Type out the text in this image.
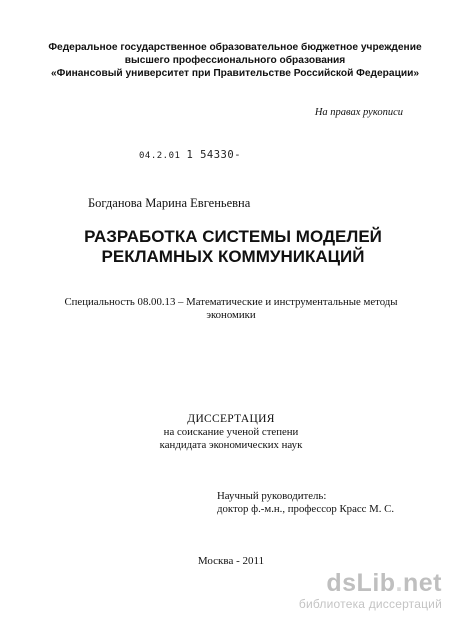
Федеральное государственное образовательное бюджетное учреждение
высшего профессионального образования
«Финансовый университет при Правительстве Российской Федерации»
На правах рукописи
04.2.01 1 54330-
Богданова Марина Евгеньевна
РАЗРАБОТКА СИСТЕМЫ МОДЕЛЕЙ
РЕКЛАМНЫХ КОММУНИКАЦИЙ
Специальность 08.00.13 – Математические и инструментальные методы
экономики
ДИССЕРТАЦИЯ
на соискание ученой степени
кандидата экономических наук
Научный руководитель:
доктор ф.-м.н., профессор Красс М. С.
Москва - 2011
dsLib.net
библиотека диссертаций
